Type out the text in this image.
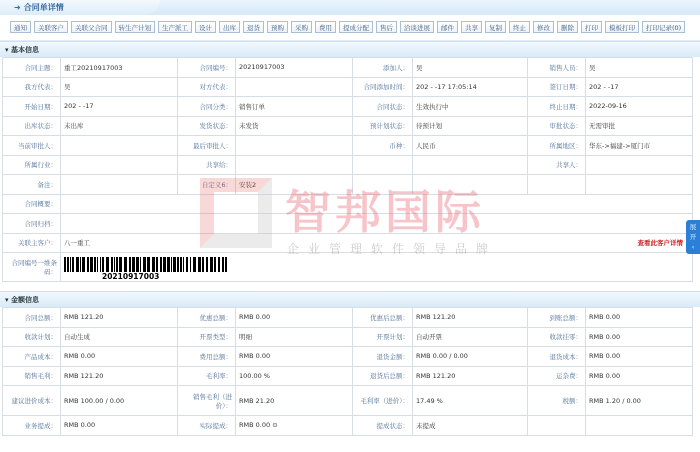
➜ 合同单详情
通知 关联客户 关联父合同 转生产计划 生产派工 设计 出库 退货 预购 采购 费用 提成分配 售后 洽谈进展 邮件 共享 复制 终止 修改 删除 打印 模板打印 打印记录(0)
▾ 基本信息
合同主题：	重工20210917003	合同编号：	20210917003	添加人：	吴	销售人员：	吴
我方代表：	吴	对方代表：		合同添加时间：	202 - -17 17:05:14	签订日期：	202 - -17
开始日期：	202 - -17	合同分类：	销售订单	合同状态：	生效执行中	终止日期：	2022-09-16
出库状态：	未出库	发货状态：	未发货	预计划状态：	待预计划	审批状态：	无需审批
当前审批人：		最后审批人：		币种：	人民币	所属地区：	华东->福建->厦门市
所属行业：		共享给：				共享人：	
备注：		自定义6：	安装2				
合同概要：							
合同归档：							
关联主客户：	八一重工 查看此客户详情						

合同编号一维条码：	20210917003						
▾ 金额信息
合同总额：	RMB 121.20	优惠总额：	RMB 0.00	优惠后总额：	RMB 121.20	到账总额：	RMB 0.00
收款计划：	自动生成	开票类型：	明细	开票计划：	自动开票	收款挂零：	RMB 0.00
产品成本：	RMB 0.00	费用总额：	RMB 0.00	退货金额：	RMB 0.00 / 0.00	退货成本：	RMB 0.00
销售毛利：	RMB 121.20	毛利率：	100.00 %	退货后总额：	RMB 121.20	运杂费：	RMB 0.00
建议进价成本：	RMB 100.00 / 0.00	销售毛利（进价）：	RMB 21.20	毛利率（进价）：	17.49 %	税额：	RMB 1.20 / 0.00
业务提成：	RMB 0.00	实际提成：	RMB 0.00 ⊙	提成状态：	未提成		
智邦国际
企业管理软件领导品牌
展开
‹
